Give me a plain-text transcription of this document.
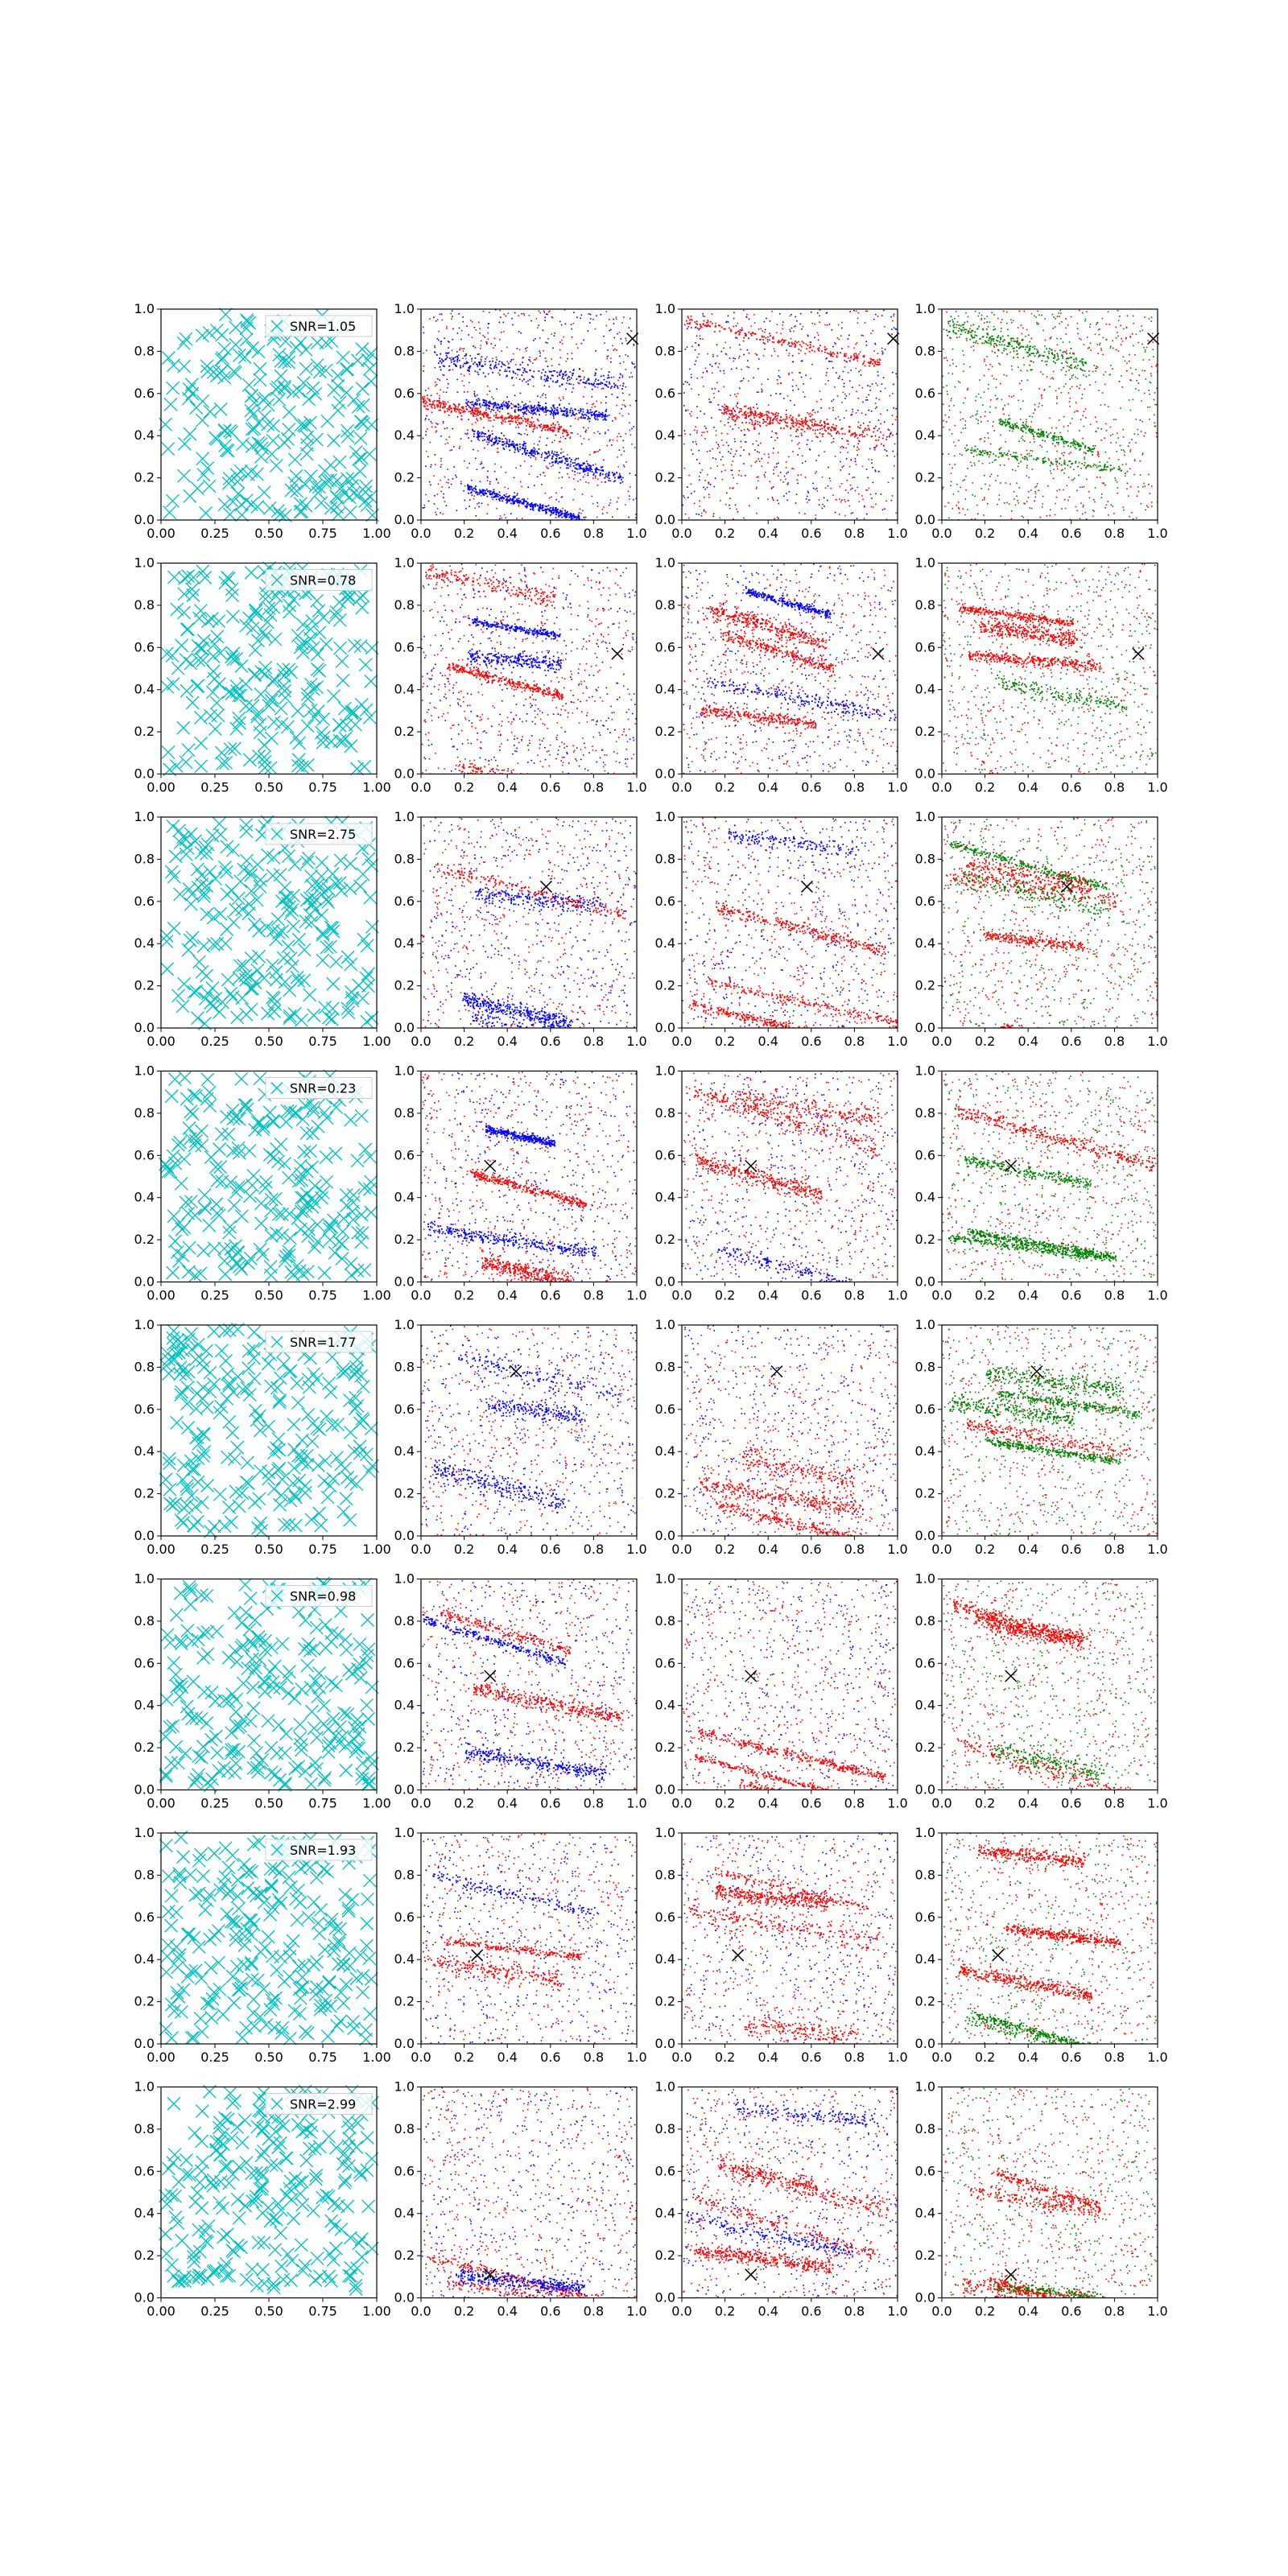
0.00 0.25 0.50 0.75 1.00
0.0
0.2
0.4
0.6
0.8
1.0
SNR=1.05
0.0 0.2 0.4 0.6 0.8 1.0
0.0
0.2
0.4
0.6
0.8
1.0
0.0 0.2 0.4 0.6 0.8 1.0
0.0
0.2
0.4
0.6
0.8
1.0
0.0 0.2 0.4 0.6 0.8 1.0
0.0
0.2
0.4
0.6
0.8
1.0
0.00 0.25 0.50 0.75 1.00
0.0
0.2
0.4
0.6
0.8
1.0
SNR=0.78
0.0 0.2 0.4 0.6 0.8 1.0
0.0
0.2
0.4
0.6
0.8
1.0
0.0 0.2 0.4 0.6 0.8 1.0
0.0
0.2
0.4
0.6
0.8
1.0
0.0 0.2 0.4 0.6 0.8 1.0
0.0
0.2
0.4
0.6
0.8
1.0
0.00 0.25 0.50 0.75 1.00
0.0
0.2
0.4
0.6
0.8
1.0
SNR=2.75
0.0 0.2 0.4 0.6 0.8 1.0
0.0
0.2
0.4
0.6
0.8
1.0
0.0 0.2 0.4 0.6 0.8 1.0
0.0
0.2
0.4
0.6
0.8
1.0
0.0 0.2 0.4 0.6 0.8 1.0
0.0
0.2
0.4
0.6
0.8
1.0
0.00 0.25 0.50 0.75 1.00
0.0
0.2
0.4
0.6
0.8
1.0
SNR=0.23
0.0 0.2 0.4 0.6 0.8 1.0
0.0
0.2
0.4
0.6
0.8
1.0
0.0 0.2 0.4 0.6 0.8 1.0
0.0
0.2
0.4
0.6
0.8
1.0
0.0 0.2 0.4 0.6 0.8 1.0
0.0
0.2
0.4
0.6
0.8
1.0
0.00 0.25 0.50 0.75 1.00
0.0
0.2
0.4
0.6
0.8
1.0
SNR=1.77
0.0 0.2 0.4 0.6 0.8 1.0
0.0
0.2
0.4
0.6
0.8
1.0
0.0 0.2 0.4 0.6 0.8 1.0
0.0
0.2
0.4
0.6
0.8
1.0
0.0 0.2 0.4 0.6 0.8 1.0
0.0
0.2
0.4
0.6
0.8
1.0
0.00 0.25 0.50 0.75 1.00
0.0
0.2
0.4
0.6
0.8
1.0
SNR=0.98
0.0 0.2 0.4 0.6 0.8 1.0
0.0
0.2
0.4
0.6
0.8
1.0
0.0 0.2 0.4 0.6 0.8 1.0
0.0
0.2
0.4
0.6
0.8
1.0
0.0 0.2 0.4 0.6 0.8 1.0
0.0
0.2
0.4
0.6
0.8
1.0
0.00 0.25 0.50 0.75 1.00
0.0
0.2
0.4
0.6
0.8
1.0
SNR=1.93
0.0 0.2 0.4 0.6 0.8 1.0
0.0
0.2
0.4
0.6
0.8
1.0
0.0 0.2 0.4 0.6 0.8 1.0
0.0
0.2
0.4
0.6
0.8
1.0
0.0 0.2 0.4 0.6 0.8 1.0
0.0
0.2
0.4
0.6
0.8
1.0
0.00 0.25 0.50 0.75 1.00
0.0
0.2
0.4
0.6
0.8
1.0
SNR=2.99
0.0 0.2 0.4 0.6 0.8 1.0
0.0
0.2
0.4
0.6
0.8
1.0
0.0 0.2 0.4 0.6 0.8 1.0
0.0
0.2
0.4
0.6
0.8
1.0
0.0 0.2 0.4 0.6 0.8 1.0
0.0
0.2
0.4
0.6
0.8
1.0
